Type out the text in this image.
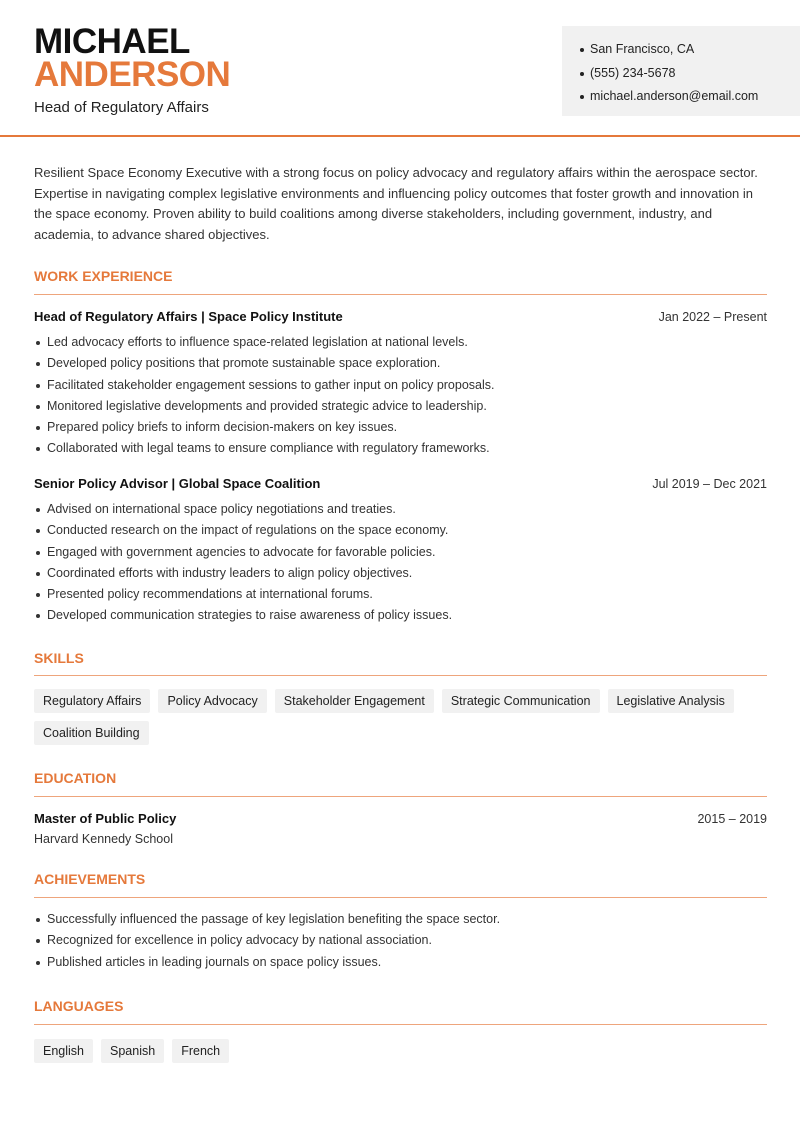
MICHAEL
ANDERSON
Head of Regulatory Affairs
San Francisco, CA
(555) 234-5678
michael.anderson@email.com

Resilient Space Economy Executive with a strong focus on policy advocacy and regulatory affairs within the aerospace sector. Expertise in navigating complex legislative environments and influencing policy outcomes that foster growth and innovation in the space economy. Proven ability to build coalitions among diverse stakeholders, including government, industry, and academia, to advance shared objectives.

WORK EXPERIENCE
Head of Regulatory Affairs | Space Policy Institute	Jan 2022 – Present
Led advocacy efforts to influence space-related legislation at national levels.
Developed policy positions that promote sustainable space exploration.
Facilitated stakeholder engagement sessions to gather input on policy proposals.
Monitored legislative developments and provided strategic advice to leadership.
Prepared policy briefs to inform decision-makers on key issues.
Collaborated with legal teams to ensure compliance with regulatory frameworks.
Senior Policy Advisor | Global Space Coalition	Jul 2019 – Dec 2021
Advised on international space policy negotiations and treaties.
Conducted research on the impact of regulations on the space economy.
Engaged with government agencies to advocate for favorable policies.
Coordinated efforts with industry leaders to align policy objectives.
Presented policy recommendations at international forums.
Developed communication strategies to raise awareness of policy issues.
SKILLS
Regulatory Affairs	Policy Advocacy	Stakeholder Engagement	Strategic Communication	Legislative Analysis
Coalition Building
EDUCATION
Master of Public Policy	2015 – 2019
Harvard Kennedy School
ACHIEVEMENTS
Successfully influenced the passage of key legislation benefiting the space sector.
Recognized for excellence in policy advocacy by national association.
Published articles in leading journals on space policy issues.
LANGUAGES
English	Spanish	French
